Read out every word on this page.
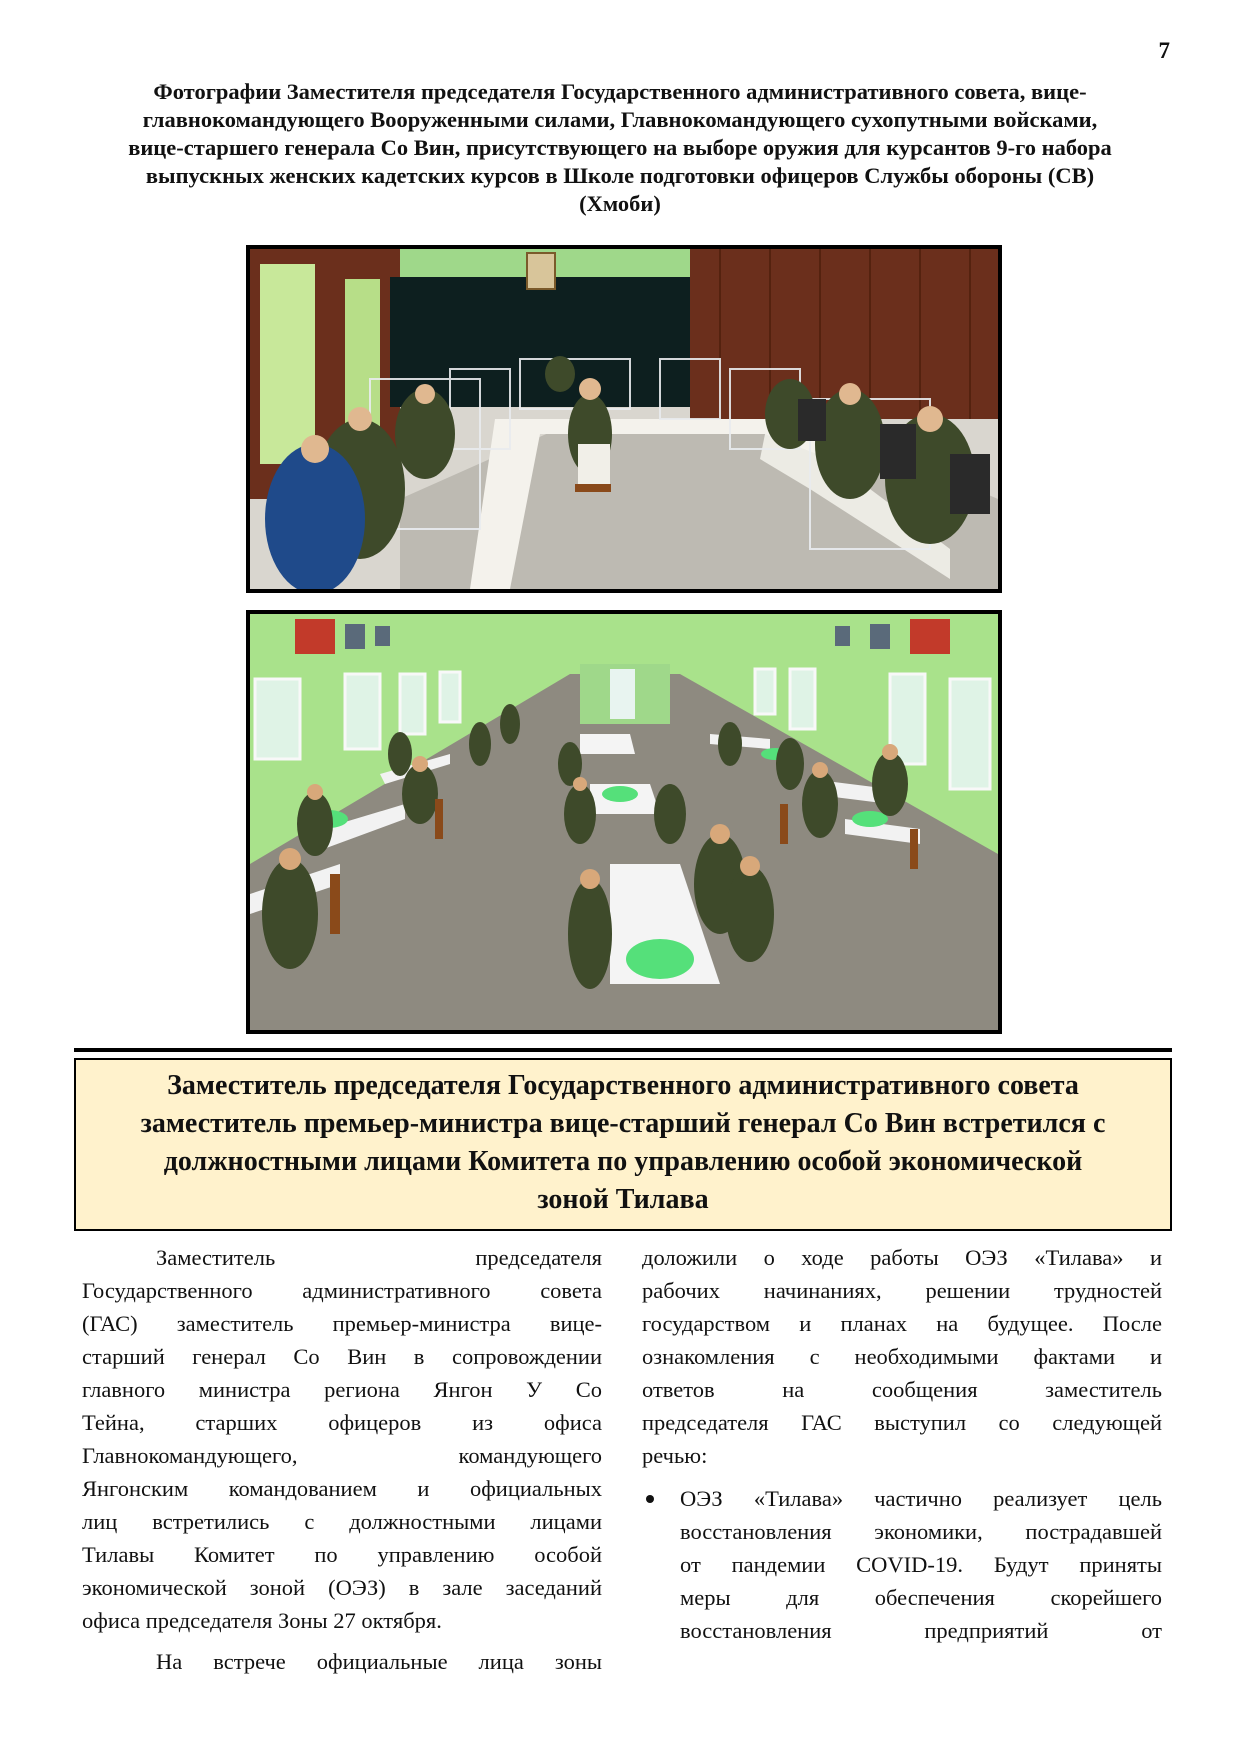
7
Фотографии Заместителя председателя Государственного административного совета, вице-
главнокомандующего Вооруженными силами, Главнокомандующего сухопутными войсками,
вице-старшего генерала Со Вин, присутствующего на выборе оружия для курсантов 9-го набора
выпускных женских кадетских курсов в Школе подготовки офицеров Службы обороны (СВ)
(Хмоби)
Заместитель председателя Государственного административного совета
заместитель премьер-министра вице-старший генерал Со Вин встретился с
должностными лицами Комитета по управлению особой экономической
зоной Тилава
Заместитель председателя
Государственного административного совета
(ГАС) заместитель премьер-министра вице-
старший генерал Со Вин в сопровождении
главного министра региона Янгон У Со
Тейна, старших офицеров из офиса
Главнокомандующего, командующего
Янгонским командованием и официальных
лиц встретились с должностными лицами
Тилавы Комитет по управлению особой
экономической зоной (ОЭЗ) в зале заседаний
офиса председателя Зоны 27 октября.
На встрече официальные лица зоны
доложили о ходе работы ОЭЗ «Тилава» и
рабочих начинаниях, решении трудностей
государством и планах на будущее. После
ознакомления с необходимыми фактами и
ответов на сообщения заместитель
председателя ГАС выступил со следующей
речью:
ОЭЗ «Тилава» частично реализует цель
восстановления экономики, пострадавшей
от пандемии COVID-19. Будут приняты
меры для обеспечения скорейшего
восстановления предприятий от
